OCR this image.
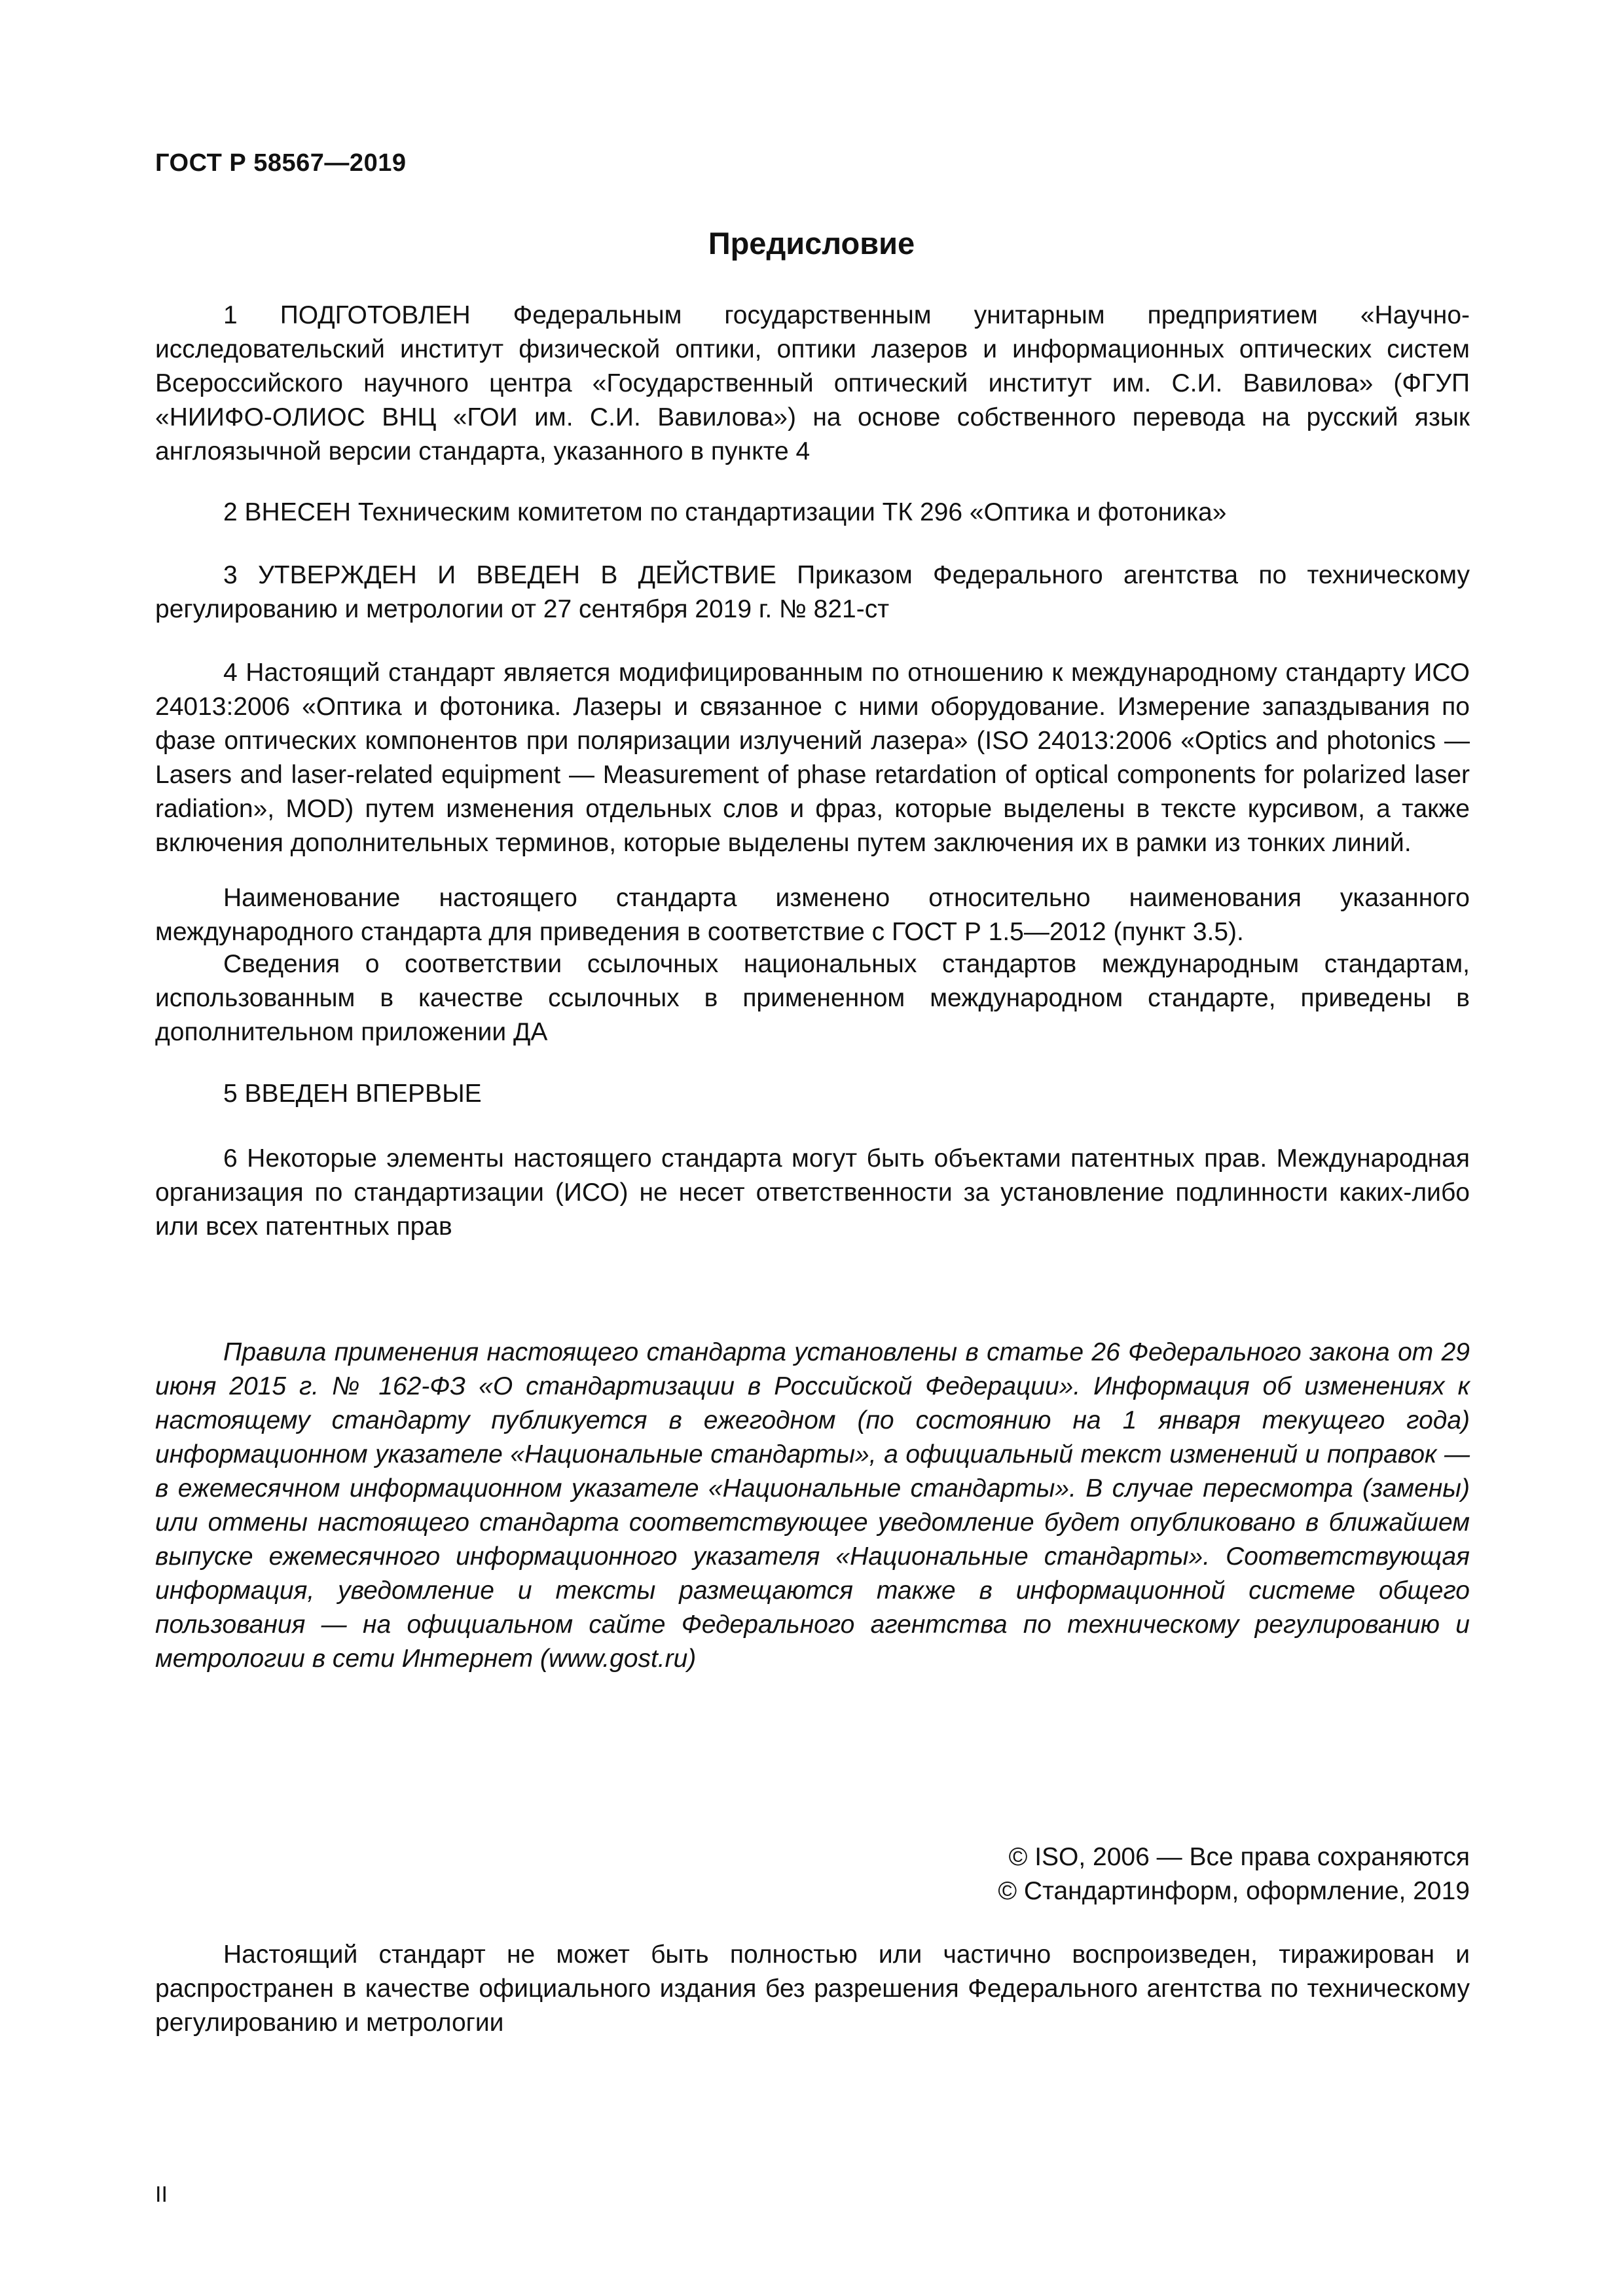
ГОСТ Р 58567—2019
Предисловие

1 ПОДГОТОВЛЕН Федеральным государственным унитарным предприятием «Научно-исследовательский институт физической оптики, оптики лазеров и информационных оптических систем Всероссийского научного центра «Государственный оптический институт им. С.И. Вавилова» (ФГУП «НИИФО-ОЛИОС ВНЦ «ГОИ им. С.И. Вавилова») на основе собственного перевода на русский язык англоязычной версии стандарта, указанного в пункте 4

2 ВНЕСЕН Техническим комитетом по стандартизации ТК 296 «Оптика и фотоника»

3 УТВЕРЖДЕН И ВВЕДЕН В ДЕЙСТВИЕ Приказом Федерального агентства по техническому регулированию и метрологии от 27 сентября 2019 г. № 821-ст

4 Настоящий стандарт является модифицированным по отношению к международному стандарту ИСО 24013:2006 «Оптика и фотоника. Лазеры и связанное с ними оборудование. Измерение запаздывания по фазе оптических компонентов при поляризации излучений лазера» (ISO 24013:2006 «Optics and photonics — Lasers and laser-related equipment — Measurement of phase retardation of optical components for polarized laser radiation», MOD) путем изменения отдельных слов и фраз, которые выделены в тексте курсивом, а также включения дополнительных терминов, которые выделены путем заключения их в рамки из тонких линий.

Наименование настоящего стандарта изменено относительно наименования указанного международного стандарта для приведения в соответствие с ГОСТ Р 1.5—2012 (пункт 3.5).

Сведения о соответствии ссылочных национальных стандартов международным стандартам, использованным в качестве ссылочных в примененном международном стандарте, приведены в дополнительном приложении ДА

5 ВВЕДЕН ВПЕРВЫЕ

6 Некоторые элементы настоящего стандарта могут быть объектами патентных прав. Международная организация по стандартизации (ИСО) не несет ответственности за установление подлинности каких-либо или всех патентных прав

Правила применения настоящего стандарта установлены в статье 26 Федерального закона от 29 июня 2015 г. № 162-ФЗ «О стандартизации в Российской Федерации». Информация об изменениях к настоящему стандарту публикуется в ежегодном (по состоянию на 1 января текущего года) информационном указателе «Национальные стандарты», а официальный текст изменений и поправок — в ежемесячном информационном указателе «Национальные стандарты». В случае пересмотра (замены) или отмены настоящего стандарта соответствующее уведомление будет опубликовано в ближайшем выпуске ежемесячного информационного указателя «Национальные стандарты». Соответствующая информация, уведомление и тексты размещаются также в информационной системе общего пользования — на официальном сайте Федерального агентства по техническому регулированию и метрологии в сети Интернет (www.gost.ru)

© ISO, 2006 — Все права сохраняются
© Стандартинформ, оформление, 2019

Настоящий стандарт не может быть полностью или частично воспроизведен, тиражирован и распространен в качестве официального издания без разрешения Федерального агентства по техническому регулированию и метрологии

II
